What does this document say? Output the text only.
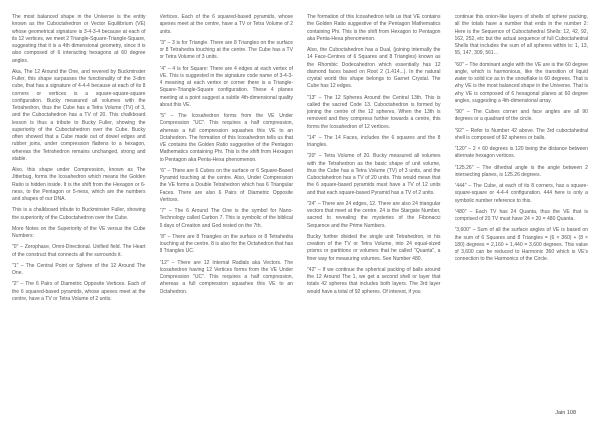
The most balanced shape in the Universe is the entity known as the Cuboctahedron or Vector Equilibrium (VE) whose geometrical signature is 3-4-3-4 because at each of its 12 vertices, we meet 2 Triangle-Square-Triangle-Square, suggesting that it is a 4th dimensional geometry, since it is also composed of 6 interacting hexagons at 60 degree angles.

Aka, The 12 Around the One, and revered by Buckminster Fuller, this shape surpasses the functionality of the 3-dim cube, that has a signature of 4-4-4 because at each of its 8 corners or vertices is a square-square-square configuration. Bucky measured all volumes with the Tetrahedron, thus the Cube has a Tetra Volume (TV) of 3, and the Cuboctahedron has a TV of 20. This chalkboard lesson is thus a tribute to Bucky Fuller, showing the superiority of the Cuboctahedron over the Cube. Bucky often showed that a Cube made out of dowel edges and rubber joins, under compression flattens to a hexagon, whereas the Tetrahedron remains unchanged, strong and stable.

Also, this shape under Compression, known as The Jitterbug, forms the Icosahedron which means the Golden Ratio is hidden inside. It is the shift from the Hexagon or 6-ness, to the Pentagon or 5-ness, which are the numbers and shapes of our DNA.

This is a chalkboard tribute to Buckminster Fuller, showing the superiority of the Cuboctahedron over the Cube.

More Notes on the Superiority of the VE versus the Cube Numbers:

"0" – Zerophase, Omni-Directional. Unified field. The Heart of the construct that connects all the surrounds it.

"1" – The Central Point or Sphere of the 12 Around The One.

"2" – The 6 Pairs of Diametric Opposite Vertices. Each of the 6 squared-based pyramids, whose apexes meet at the centre, have a TV or Tetra Volume of 2 units.

Vertices. Each of the 6 squared-based pyramids, whose apexes meet at the centre, have a TV or Tetra Volume of 2 units.

"3" – 3 is for Triangle. There are 8 Triangles on the surface or 8 Tetrahedra touching at the centre. The Cube has a TV or Tetra Volume of 3 units.

"4" – 4 is for Square: There are 4 edges at each vertex of VE. This is suggested in the signature code name of 3-4-3-4 meaning at each vertex or corner there is a Triangle-Square-Triangle-Square configuration. These 4 planes meeting at a point suggest a subtle 4th-dimensional quality about this VE.

"5" – The Icosahedron forms from the VE Under Compression "UC". This requires a half compression, whereas a full compression squashes this VE to an Octahedron. The formation of this Icosahedron tells us that VE contains the Golden Ratio suggestive of the Pentagon Mathematics containing Phi. This is the shift from Hexagon to Pentagon aka Penta-Hexa phenomenon.

"6" – There are 6 Cubes on the surface or 6 Square-Based Pyramid touching at the centre. Also, Under Compression the VE forms a Double Tetrahedron which has 6 Triangular Faces. There are also 6 Pairs of Diametric Opposite Vertices.

"7" – The 6 Around The One is the symbol for Nano-Technology called Carbon 7. This is symbolic of the biblical 6 days of Creation and God rested on the 7th.

"8" – There are 8 Triangles on the surface or 8 Tetrahedra touching at the centre. 8 is also for the Octahedron that has 8 Triangles UC.

"12" – There are 12 Internal Radials aka Vectors. The Icosahedron having 12 Vertices forms from the VE Under Compression "UC". This requires a half compression, whereas a full compression squashes this VE to an Octahedron.

The formation of this Icosahedron tells us that VE contains the Golden Ratio suggestive of the Pentagon Mathematics containing Phi. This is the shift from Hexagon to Pentagon aka Penta-Hexa phenomenon.

Also, the Cuboctahedron has a Dual, (joining internally the 14 Face-Centres of 6 Squares and 8 Triangles) known as the Rhombic Dodecahedron which essentially has 12 diamond faces based on Root 2 (1.414...). In the natural crystal world this shape belongs to Garnet Crystal. The Cube has 12 edges.

"13" – The 12 Spheres Around the Central 13th. This is called the sacred Code 13. Cuboctahedron is formed by joining the centre of the 12 spheres. When the 13th is removed and they compress further towards a centre, this forms the Icosahedron of 12 vertices.

"14" – The 14 Faces, includes the 6 squares and the 8 triangles.

"20" – Tetra Volume of 20. Bucky measured all volumes with the Tetrahedron as the basic shape of unit volume, thus the Cube has a Tetra Volume (TV) of 3 units, and the Cuboctahedron has a TV of 20 units. This would mean that the 6 square-based pyramids must have a TV of 12 units and that each square-based Pyramid has a TV of 2 units.

"24" – There are 24 edges, 12. There are also 24 triangular vectors that meet at the centre. 24 is the Stargate Number, sacred to revealing the mysteries of the Fibonacci Sequence and the Prime Numbers.

Bucky further divided the single unit Tetrahedron, in his creation of the TV or Tetra Volume, into 24 equal-sized prisms or partitions or volumes that he called "Quanta", a finer way for measuring volumes. See Number 480.

"42" – If we continue the spherical packing of balls around the 12 Around The 1, we get a second shell or layer that totals 42 spheres that includes both layers. The 3rd layer would have a total of 92 spheres. Of interest, if you

continue this onion-like layers of shells of sphere packing, all the totals have a number that ends in the number 2: Here is the Sequence of Cuboctahedral Shells: 12, 42, 92, 162, 252, etc but the actual sequence of full Cuboctahedral Shells that includes the sum of all spheres within is: 1, 13, 55, 147, 309, 561...

"60" – The dominant angle with the VE are is the 60 degree angle, which is harmonious, like the transition of liquid water to solid ice as in the snowflake is 60 degrees. That is why VE is the most balanced shape in the Universe. That is why VE is composed of 6 hexagonal planes at 60 degree angles, suggesting a 4th-dimensional array.

"90" – The Cubes corner and face angles are all 90 degrees or a quadrant of the circle.

"92" – Refer to Number 42 above. The 3rd cuboctahedral shell is composed of 92 spheres or balls.

"120" – 2 × 60 degrees is 120 being the distance between alternate hexagon vertices.

"125.26" – The dihedral angle is the angle between 2 intersecting planes, is 125.26 degrees.

"444" – The Cube, at each of its 8 corners, has a square-square-square or 4-4-4 configuration. 444 here is only a symbolic number reference to this.

"480" – Each TV has 24 Quanta, thus the VE that is comprised of 20 TV must have 24 × 20 = 480 Quanta.

"3,600" – Sum of all the surface angles of VE is based on the sum of 6 Squares and 8 Triangles = (6 × 360) + (8 × 180) degrees = 2,160 + 1,440 = 3,600 degrees. This value of 3,600 can be reduced to Harmonic 360 which is VE's connection to the Harmonics of the Circle.

Jain 108
